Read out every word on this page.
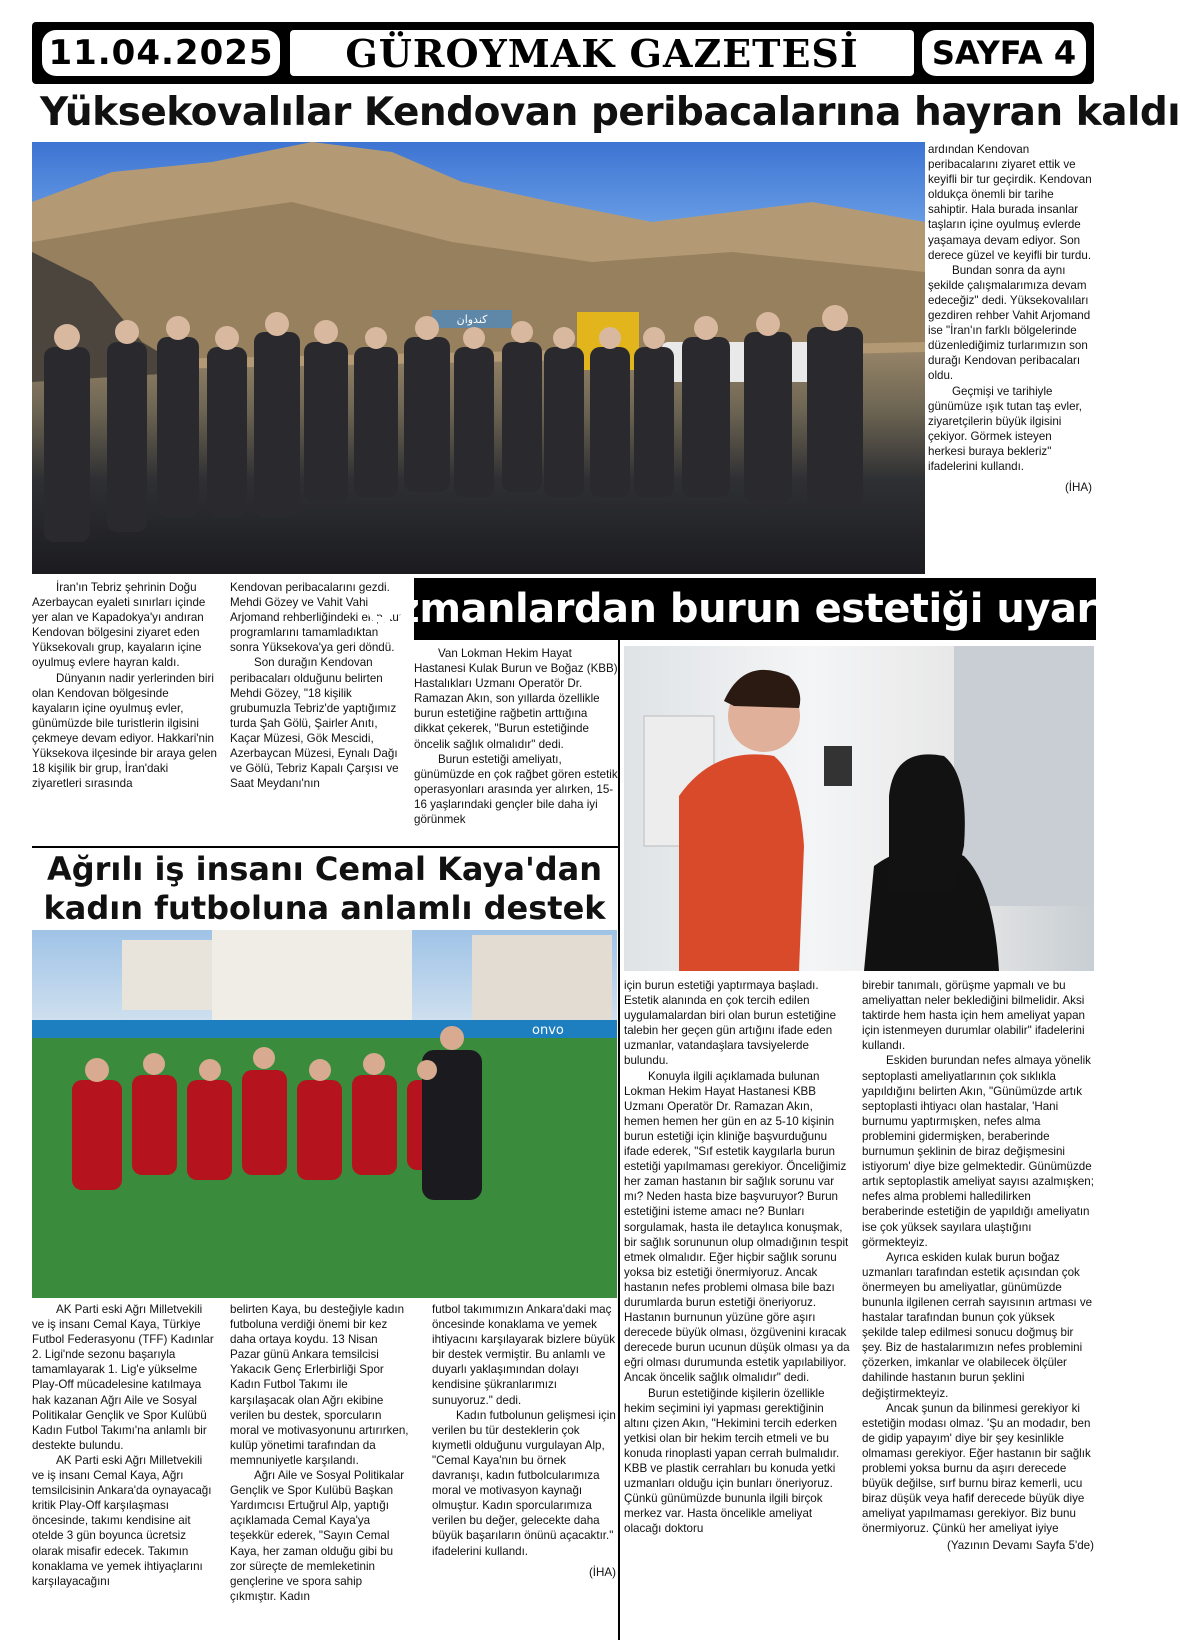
11.04.2025	GÜROYMAK GAZETESİ	SAYFA 4
Yüksekovalılar Kendovan peribacalarına hayran kaldı
کندوان

ardından Kendovan peribacalarını ziyaret ettik ve keyifli bir tur geçirdik. Kendovan oldukça önemli bir tarihe sahiptir. Hala burada insanlar taşların içine oyulmuş evlerde yaşamaya devam ediyor. Son derece güzel ve keyifli bir turdu.

Bundan sonra da aynı şekilde çalışmalarımıza devam edeceğiz" dedi. Yüksekovalıları gezdiren rehber Vahit Arjomand ise "İran'ın farklı bölgelerinde düzenlediğimiz turlarımızın son durağı Kendovan peribacaları oldu.

Geçmişi ve tarihiyle günümüze ışık tutan taş evler, ziyaretçilerin büyük ilgisini çekiyor. Görmek isteyen herkesi buraya bekleriz" ifadelerini kullandı.

(İHA)

İran'ın Tebriz şehrinin Doğu Azerbaycan eyaleti sınırları içinde yer alan ve Kapadokya'yı andıran Kendovan bölgesini ziyaret eden Yüksekovalı grup, kayaların içine oyulmuş evlere hayran kaldı.

Dünyanın nadir yerlerinden biri olan Kendovan bölgesinde kayaların içine oyulmuş evler, günümüzde bile turistlerin ilgisini çekmeye devam ediyor. Hakkari'nin Yüksekova ilçesinde bir araya gelen 18 kişilik bir grup, İran'daki ziyaretleri sırasında

Kendovan peribacalarını gezdi. Mehdi Gözey ve Vahit Vahid Arjomand rehberliğindeki ekip, tur programlarını tamamladıktan sonra Yüksekova'ya geri döndü.

Son durağın Kendovan peribacaları olduğunu belirten Mehdi Gözey, "18 kişilik grubumuzla Tebriz'de yaptığımız turda Şah Gölü, Şairler Anıtı, Kaçar Müzesi, Gök Mescidi, Azerbaycan Müzesi, Eynalı Dağı ve Gölü, Tebriz Kapalı Çarşısı ve Saat Meydanı'nın

Uzmanlardan burun estetiği uyarısı

Van Lokman Hekim Hayat Hastanesi Kulak Burun ve Boğaz (KBB) Hastalıkları Uzmanı Operatör Dr. Ramazan Akın, son yıllarda özellikle burun estetiğine rağbetin arttığına dikkat çekerek, "Burun estetiğinde öncelik sağlık olmalıdır" dedi.

Burun estetiği ameliyatı, günümüzde en çok rağbet gören estetik operasyonları arasında yer alırken, 15-16 yaşlarındaki gençler bile daha iyi görünmek

için burun estetiği yaptırmaya başladı. Estetik alanında en çok tercih edilen uygulamalardan biri olan burun estetiğine talebin her geçen gün artığını ifade eden uzmanlar, vatandaşlara tavsiyelerde bulundu.

Konuyla ilgili açıklamada bulunan Lokman Hekim Hayat Hastanesi KBB Uzmanı Operatör Dr. Ramazan Akın, hemen hemen her gün en az 5-10 kişinin burun estetiği için kliniğe başvurduğunu ifade ederek, "Sıf estetik kaygılarla burun estetiği yapılmaması gerekiyor. Önceliğimiz her zaman hastanın bir sağlık sorunu var mı? Neden hasta bize başvuruyor? Burun estetiğini isteme amacı ne? Bunları sorgulamak, hasta ile detaylıca konuşmak, bir sağlık sorununun olup olmadığının tespit etmek olmalıdır. Eğer hiçbir sağlık sorunu yoksa biz estetiği önermiyoruz. Ancak hastanın nefes problemi olmasa bile bazı durumlarda burun estetiği öneriyoruz. Hastanın burnunun yüzüne göre aşırı derecede büyük olması, özgüvenini kıracak derecede burun ucunun düşük olması ya da eğri olması durumunda estetik yapılabiliyor. Ancak öncelik sağlık olmalıdır" dedi.

Burun estetiğinde kişilerin özellikle hekim seçimini iyi yapması gerektiğinin altını çizen Akın, "Hekimini tercih ederken yetkisi olan bir hekim tercih etmeli ve bu konuda rinoplasti yapan cerrah bulmalıdır. KBB ve plastik cerrahları bu konuda yetki uzmanları olduğu için bunları öneriyoruz. Çünkü günümüzde bununla ilgili birçok merkez var. Hasta öncelikle ameliyat olacağı doktoru

birebir tanımalı, görüşme yapmalı ve bu ameliyattan neler beklediğini bilmelidir. Aksi taktirde hem hasta için hem ameliyat yapan için istenmeyen durumlar olabilir" ifadelerini kullandı.

Eskiden burundan nefes almaya yönelik septoplasti ameliyatlarının çok sıklıkla yapıldığını belirten Akın, "Günümüzde artık septoplasti ihtiyacı olan hastalar, 'Hani burnumu yaptırmışken, nefes alma problemini gidermişken, beraberinde burnumun şeklinin de biraz değişmesini istiyorum' diye bize gelmektedir. Günümüzde artık septoplastik ameliyat sayısı azalmışken; nefes alma problemi halledilirken beraberinde estetiğin de yapıldığı ameliyatın ise çok yüksek sayılara ulaştığını görmekteyiz.

Ayrıca eskiden kulak burun boğaz uzmanları tarafından estetik açısından çok önermeyen bu ameliyatlar, günümüzde bununla ilgilenen cerrah sayısının artması ve hastalar tarafından bunun çok yüksek şekilde talep edilmesi sonucu doğmuş bir şey. Biz de hastalarımızın nefes problemini çözerken, imkanlar ve olabilecek ölçüler dahilinde hastanın burun şeklini değiştirmekteyiz.

Ancak şunun da bilinmesi gerekiyor ki estetiğin modası olmaz. 'Şu an modadır, ben de gidip yapayım' diye bir şey kesinlikle olmaması gerekiyor. Eğer hastanın bir sağlık problemi yoksa burnu da aşırı derecede büyük değilse, sırf burnu biraz kemerli, ucu biraz düşük veya hafif derecede büyük diye ameliyat yapılmaması gerekiyor. Biz bunu önermiyoruz. Çünkü her ameliyat iyiye

(Yazının Devamı Sayfa 5'de)
Ağrılı iş insanı Cemal Kaya'dan kadın futboluna anlamlı destek
onvo

AK Parti eski Ağrı Milletvekili ve iş insanı Cemal Kaya, Türkiye Futbol Federasyonu (TFF) Kadınlar 2. Ligi'nde sezonu başarıyla tamamlayarak 1. Lig'e yükselme Play-Off mücadelesine katılmaya hak kazanan Ağrı Aile ve Sosyal Politikalar Gençlik ve Spor Kulübü Kadın Futbol Takımı'na anlamlı bir destekte bulundu.

AK Parti eski Ağrı Milletvekili ve iş insanı Cemal Kaya, Ağrı temsilcisinin Ankara'da oynayacağı kritik Play-Off karşılaşması öncesinde, takımı kendisine ait otelde 3 gün boyunca ücretsiz olarak misafir edecek. Takımın konaklama ve yemek ihtiyaçlarını karşılayacağını

belirten Kaya, bu desteğiyle kadın futboluna verdiği önemi bir kez daha ortaya koydu. 13 Nisan Pazar günü Ankara temsilcisi Yakacık Genç Erlerbirliği Spor Kadın Futbol Takımı ile karşılaşacak olan Ağrı ekibine verilen bu destek, sporcuların moral ve motivasyonunu artırırken, kulüp yönetimi tarafından da memnuniyetle karşılandı.

Ağrı Aile ve Sosyal Politikalar Gençlik ve Spor Kulübü Başkan Yardımcısı Ertuğrul Alp, yaptığı açıklamada Cemal Kaya'ya teşekkür ederek, "Sayın Cemal Kaya, her zaman olduğu gibi bu zor süreçte de memleketinin gençlerine ve spora sahip çıkmıştır. Kadın

futbol takımımızın Ankara'daki maç öncesinde konaklama ve yemek ihtiyacını karşılayarak bizlere büyük bir destek vermiştir. Bu anlamlı ve duyarlı yaklaşımından dolayı kendisine şükranlarımızı sunuyoruz." dedi.

Kadın futbolunun gelişmesi için verilen bu tür desteklerin çok kıymetli olduğunu vurgulayan Alp, "Cemal Kaya'nın bu örnek davranışı, kadın futbolcularımıza moral ve motivasyon kaynağı olmuştur. Kadın sporcularımıza verilen bu değer, gelecekte daha büyük başarıların önünü açacaktır." ifadelerini kullandı.

(İHA)
